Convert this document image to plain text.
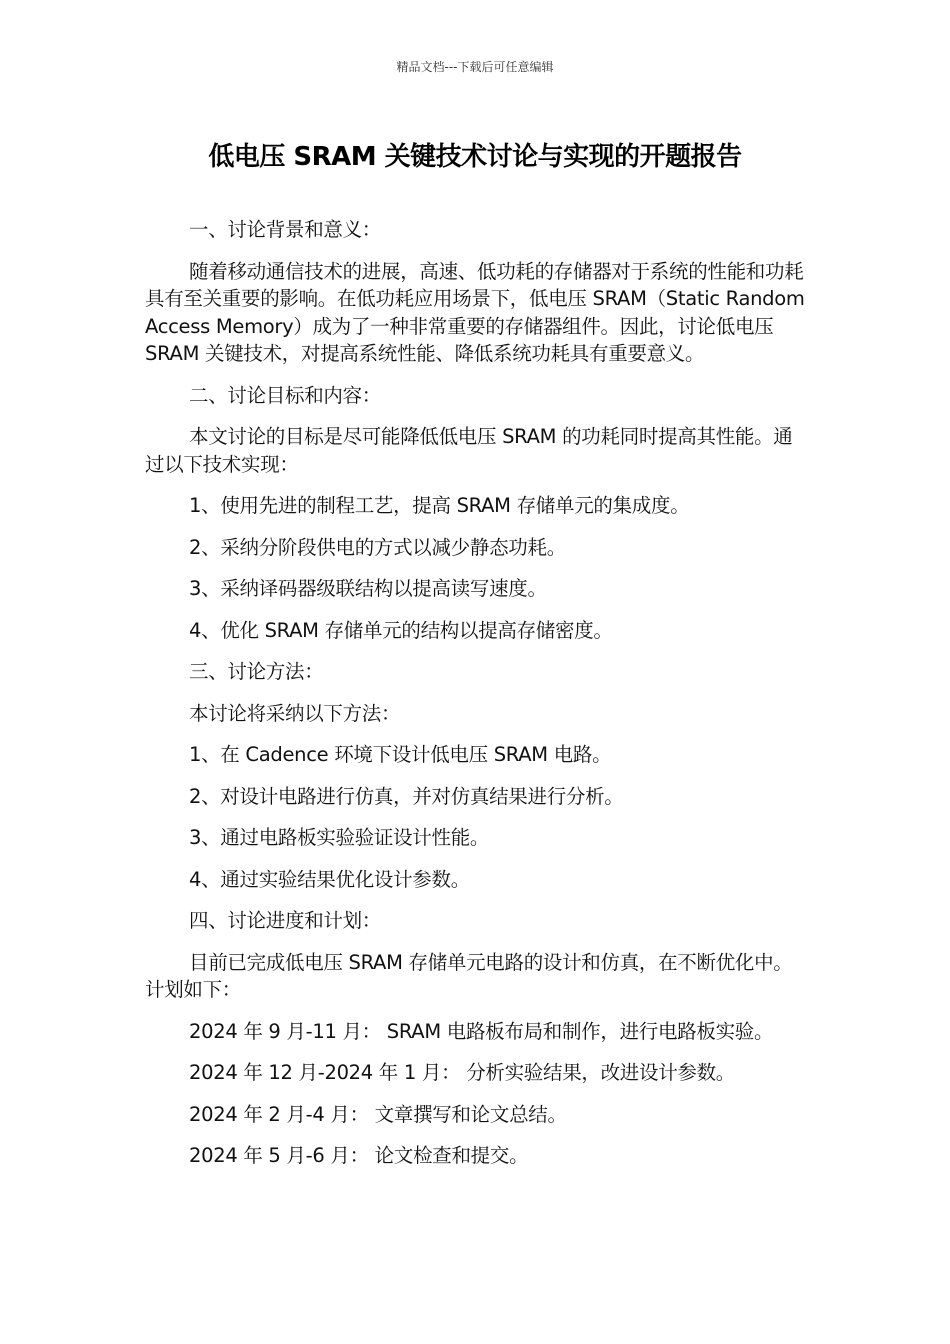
精品文档---下载后可任意编辑
低电压 SRAM 关键技术讨论与实现的开题报告

一、讨论背景和意义：

随着移动通信技术的进展，高速、低功耗的存储器对于系统的性能和功耗具有至关重要的影响。在低功耗应用场景下，低电压 SRAM（Static Random Access Memory）成为了一种非常重要的存储器组件。因此，讨论低电压 SRAM 关键技术，对提高系统性能、降低系统功耗具有重要意义。

二、讨论目标和内容：

本文讨论的目标是尽可能降低低电压 SRAM 的功耗同时提高其性能。通过以下技术实现：

1、使用先进的制程工艺，提高 SRAM 存储单元的集成度。

2、采纳分阶段供电的方式以减少静态功耗。

3、采纳译码器级联结构以提高读写速度。

4、优化 SRAM 存储单元的结构以提高存储密度。

三、讨论方法：

本讨论将采纳以下方法：

1、在 Cadence 环境下设计低电压 SRAM 电路。

2、对设计电路进行仿真，并对仿真结果进行分析。

3、通过电路板实验验证设计性能。

4、通过实验结果优化设计参数。

四、讨论进度和计划：

目前已完成低电压 SRAM 存储单元电路的设计和仿真，在不断优化中。计划如下：

2024 年 9 月-11 月： SRAM 电路板布局和制作，进行电路板实验。

2024 年 12 月-2024 年 1 月： 分析实验结果，改进设计参数。

2024 年 2 月-4 月： 文章撰写和论文总结。

2024 年 5 月-6 月： 论文检查和提交。
